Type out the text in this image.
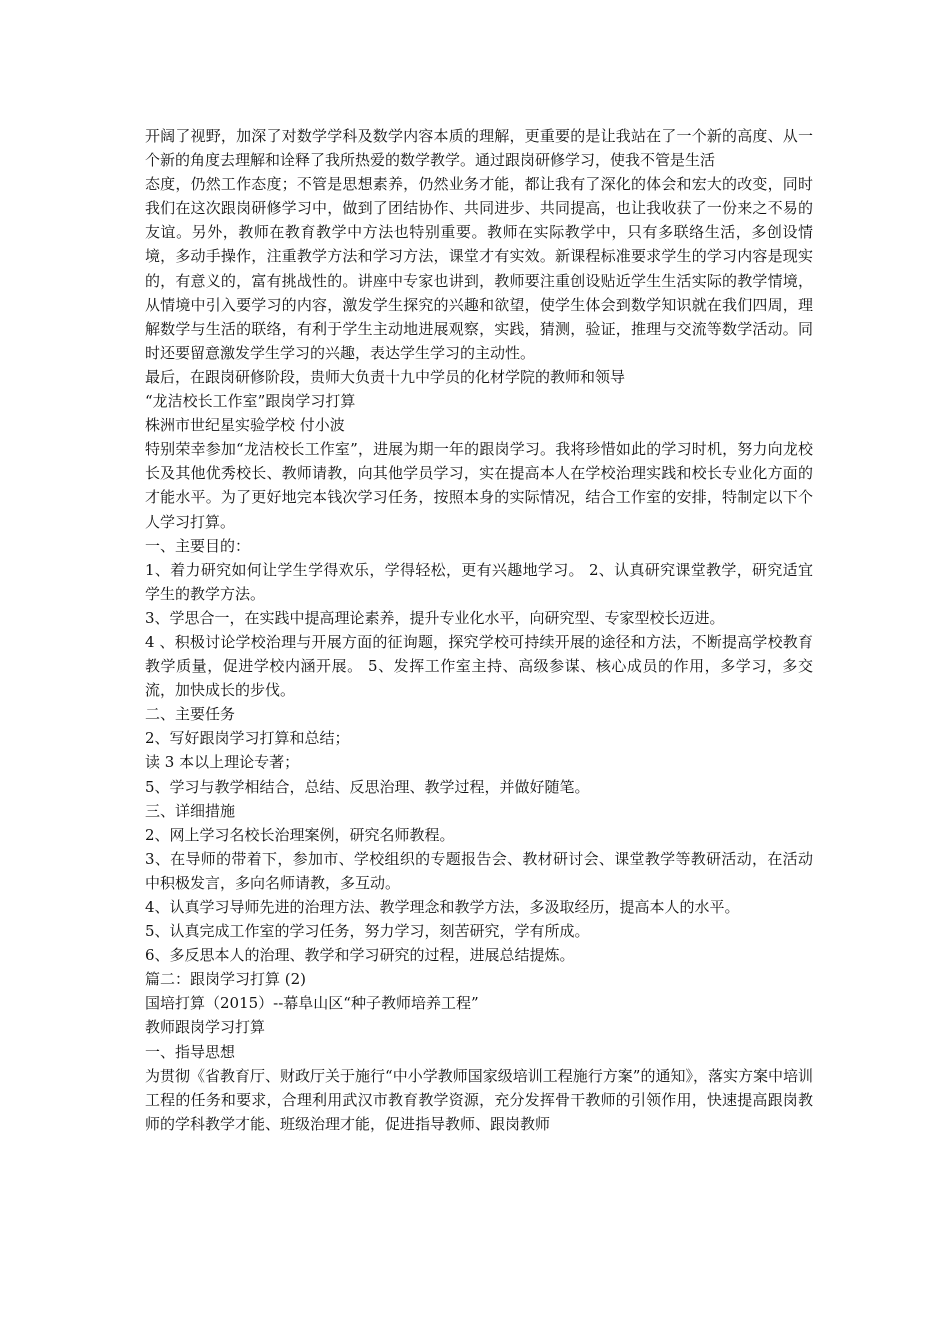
开阔了视野，加深了对数学学科及数学内容本质的理解，更重要的是让我站在了一个新的高度、从一个新的角度去理解和诠释了我所热爱的数学教学。通过跟岗研修学习，使我不管是生活

态度，仍然工作态度；不管是思想素养，仍然业务才能，都让我有了深化的体会和宏大的改变，同时我们在这次跟岗研修学习中，做到了团结协作、共同进步、共同提高，也让我收获了一份来之不易的友谊。另外，教师在教育教学中方法也特别重要。教师在实际教学中，只有多联络生活，多创设情境，多动手操作，注重教学方法和学习方法，课堂才有实效。新课程标准要求学生的学习内容是现实的，有意义的，富有挑战性的。讲座中专家也讲到，教师要注重创设贴近学生生活实际的教学情境，从情境中引入要学习的内容，激发学生探究的兴趣和欲望，使学生体会到数学知识就在我们四周，理解数学与生活的联络，有利于学生主动地进展观察，实践，猜测，验证，推理与交流等数学活动。同时还要留意激发学生学习的兴趣，表达学生学习的主动性。

最后，在跟岗研修阶段，贵师大负责十九中学员的化材学院的教师和领导

“龙洁校长工作室”跟岗学习打算

株洲市世纪星实验学校 付小波

特别荣幸参加“龙洁校长工作室”，进展为期一年的跟岗学习。我将珍惜如此的学习时机，努力向龙校长及其他优秀校长、教师请教，向其他学员学习，实在提高本人在学校治理实践和校长专业化方面的才能水平。为了更好地完本钱次学习任务，按照本身的实际情况，结合工作室的安排，特制定以下个人学习打算。

一、主要目的：

1、着力研究如何让学生学得欢乐，学得轻松，更有兴趣地学习。 2、认真研究课堂教学，研究适宜学生的教学方法。

3、学思合一，在实践中提高理论素养，提升专业化水平，向研究型、专家型校长迈进。

4 、积极讨论学校治理与开展方面的征询题，探究学校可持续开展的途径和方法，不断提高学校教育教学质量，促进学校内涵开展。 5、发挥工作室主持、高级参谋、核心成员的作用，多学习，多交流，加快成长的步伐。

二、主要任务

2、写好跟岗学习打算和总结；

读 3 本以上理论专著；

5、学习与教学相结合，总结、反思治理、教学过程，并做好随笔。

三、详细措施

2、网上学习名校长治理案例，研究名师教程。

3、在导师的带着下，参加市、学校组织的专题报告会、教材研讨会、课堂教学等教研活动，在活动中积极发言，多向名师请教，多互动。

4、认真学习导师先进的治理方法、教学理念和教学方法，多汲取经历，提高本人的水平。

5、认真完成工作室的学习任务，努力学习，刻苦研究，学有所成。

6、多反思本人的治理、教学和学习研究的过程，进展总结提炼。

篇二：跟岗学习打算 (2)

国培打算（2015）--幕阜山区“种子教师培养工程”

教师跟岗学习打算

一、指导思想

为贯彻《省教育厅、财政厅关于施行“中小学教师国家级培训工程施行方案”的通知》，落实方案中培训工程的任务和要求，合理利用武汉市教育教学资源，充分发挥骨干教师的引领作用，快速提高跟岗教师的学科教学才能、班级治理才能，促进指导教师、跟岗教师
